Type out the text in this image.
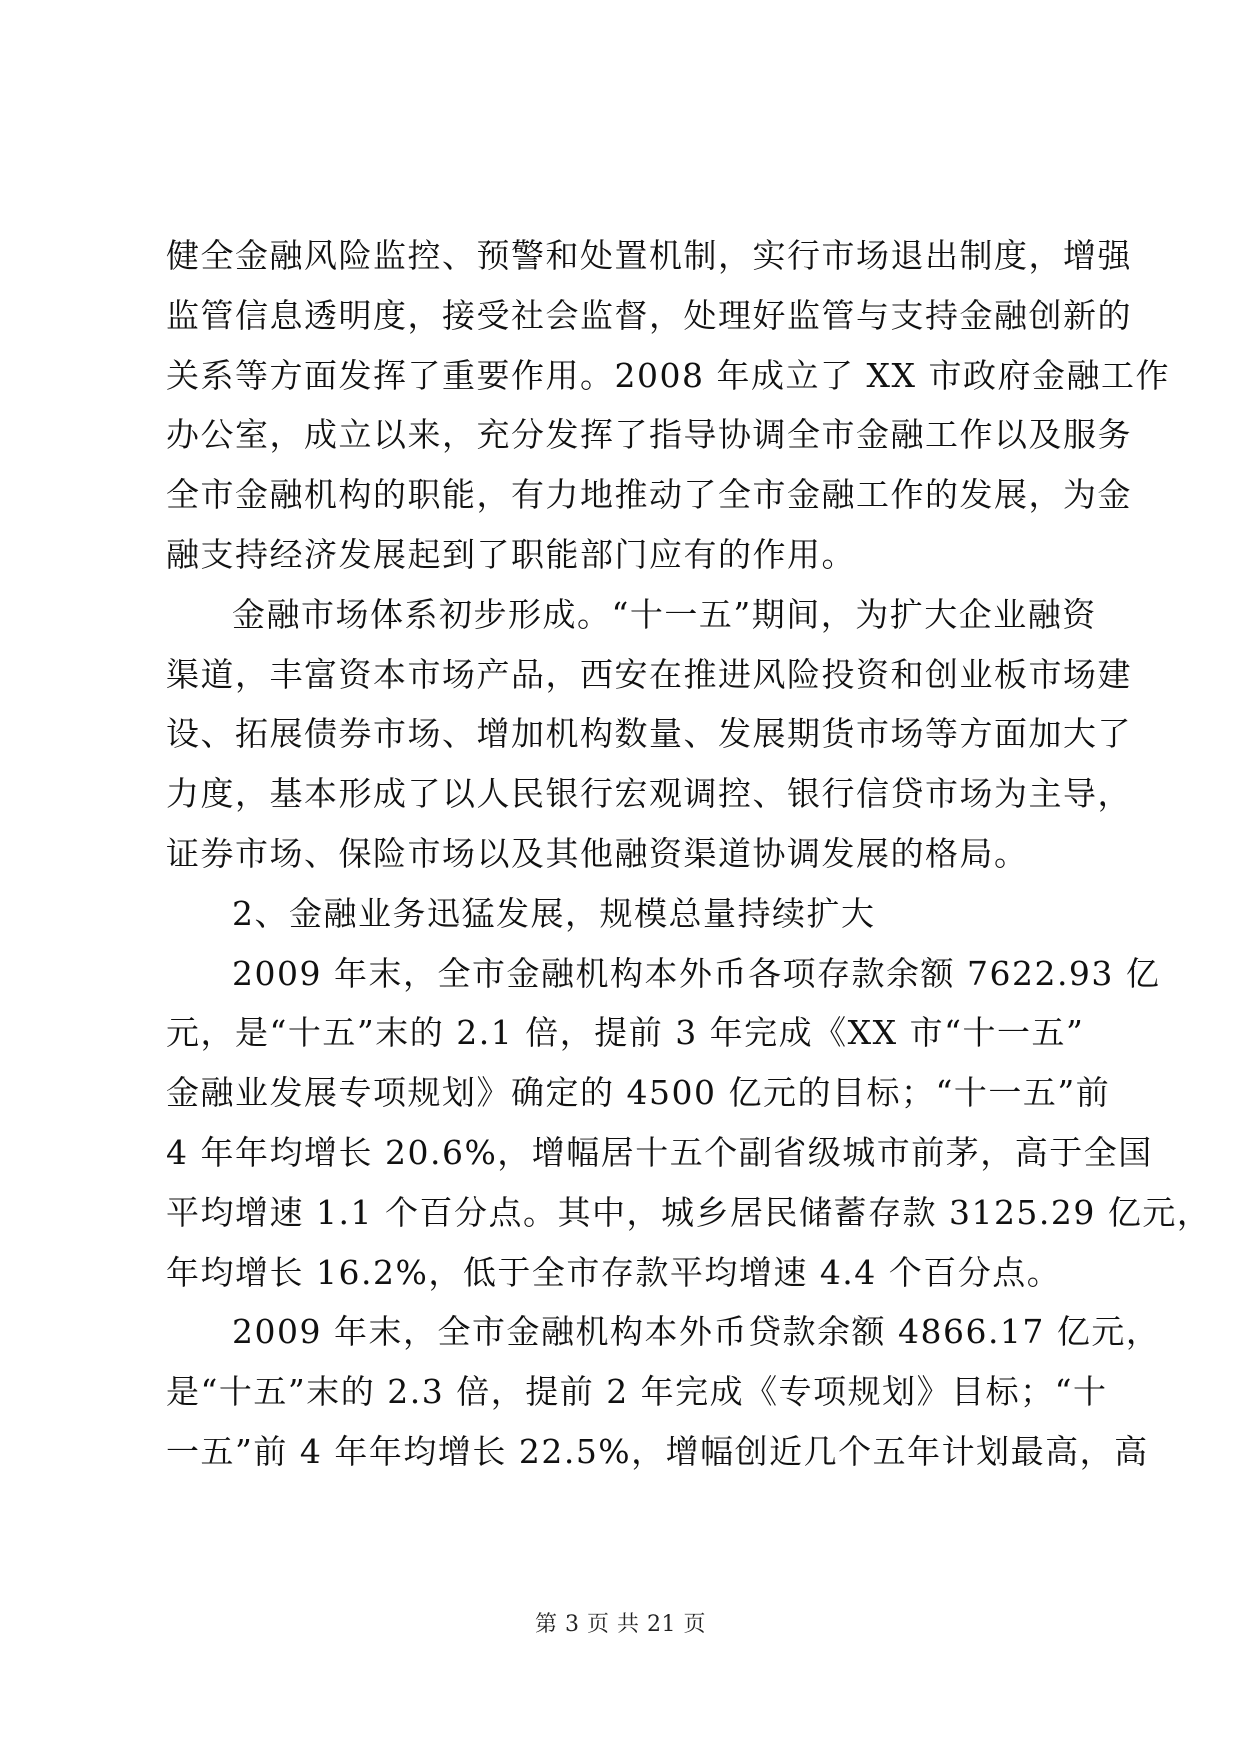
健全金融风险监控、预警和处置机制，实行市场退出制度，增强
监管信息透明度，接受社会监督，处理好监管与支持金融创新的
关系等方面发挥了重要作用。2008 年成立了 XX 市政府金融工作
办公室，成立以来，充分发挥了指导协调全市金融工作以及服务
全市金融机构的职能，有力地推动了全市金融工作的发展，为金
融支持经济发展起到了职能部门应有的作用。
金融市场体系初步形成。“十一五”期间，为扩大企业融资
渠道，丰富资本市场产品，西安在推进风险投资和创业板市场建
设、拓展债券市场、增加机构数量、发展期货市场等方面加大了
力度，基本形成了以人民银行宏观调控、银行信贷市场为主导，
证券市场、保险市场以及其他融资渠道协调发展的格局。
2、金融业务迅猛发展，规模总量持续扩大
2009 年末，全市金融机构本外币各项存款余额 7622.93 亿
元，是“十五”末的 2.1 倍，提前 3 年完成《XX 市“十一五”
金融业发展专项规划》确定的 4500 亿元的目标；“十一五”前
4 年年均增长 20.6%，增幅居十五个副省级城市前茅，高于全国
平均增速 1.1 个百分点。其中，城乡居民储蓄存款 3125.29 亿元，
年均增长 16.2%，低于全市存款平均增速 4.4 个百分点。
2009 年末，全市金融机构本外币贷款余额 4866.17 亿元，
是“十五”末的 2.3 倍，提前 2 年完成《专项规划》目标；“十
一五”前 4 年年均增长 22.5%，增幅创近几个五年计划最高，高
第 3 页 共 21 页
